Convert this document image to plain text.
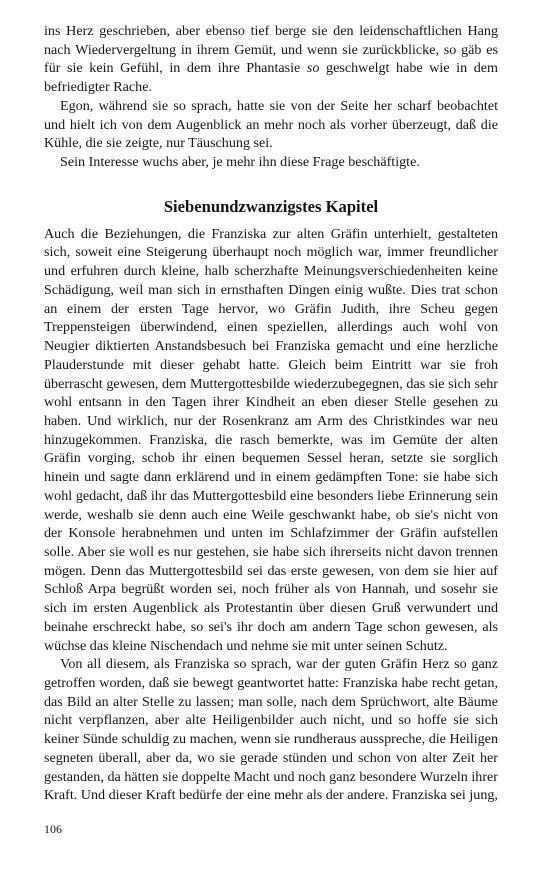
ins Herz geschrieben, aber ebenso tief berge sie den leidenschaftlichen Hang nach Wiedervergeltung in ihrem Gemüt, und wenn sie zurückblicke, so gäb es für sie kein Gefühl, in dem ihre Phantasie so geschwelgt habe wie in dem befriedigter Rache.

Egon, während sie so sprach, hatte sie von der Seite her scharf beobachtet und hielt ich von dem Augenblick an mehr noch als vorher überzeugt, daß die Kühle, die sie zeigte, nur Täuschung sei.

Sein Interesse wuchs aber, je mehr ihn diese Frage beschäftigte.

Siebenundzwanzigstes Kapitel

Auch die Beziehungen, die Franziska zur alten Gräfin unterhielt, gestalteten sich, soweit eine Steigerung überhaupt noch möglich war, immer freundlicher und erfuhren durch kleine, halb scherzhafte Meinungsverschiedenheiten keine Schädigung, weil man sich in ernsthaften Dingen einig wußte. Dies trat schon an einem der ersten Tage hervor, wo Gräfin Judith, ihre Scheu gegen Treppensteigen überwindend, einen speziellen, allerdings auch wohl von Neugier diktierten Anstandsbesuch bei Franziska gemacht und eine herzliche Plauderstunde mit dieser gehabt hatte. Gleich beim Eintritt war sie froh überrascht gewesen, dem Muttergottesbilde wiederzubegegnen, das sie sich sehr wohl entsann in den Tagen ihrer Kindheit an eben dieser Stelle gesehen zu haben. Und wirklich, nur der Rosenkranz am Arm des Christkindes war neu hinzugekommen. Franziska, die rasch bemerkte, was im Gemüte der alten Gräfin vorging, schob ihr einen bequemen Sessel heran, setzte sie sorglich hinein und sagte dann erklärend und in einem gedämpften Tone: sie habe sich wohl gedacht, daß ihr das Muttergottesbild eine besonders liebe Erinnerung sein werde, weshalb sie denn auch eine Weile geschwankt habe, ob sie's nicht von der Konsole herabnehmen und unten im Schlafzimmer der Gräfin aufstellen solle. Aber sie woll es nur gestehen, sie habe sich ihrerseits nicht davon trennen mögen. Denn das Muttergottesbild sei das erste gewesen, von dem sie hier auf Schloß Arpa begrüßt worden sei, noch früher als von Hannah, und sosehr sie sich im ersten Augenblick als Protestantin über diesen Gruß verwundert und beinahe erschreckt habe, so sei's ihr doch am andern Tage schon gewesen, als wüchse das kleine Nischendach und nehme sie mit unter seinen Schutz.

Von all diesem, als Franziska so sprach, war der guten Gräfin Herz so ganz getroffen worden, daß sie bewegt geantwortet hatte: Franziska habe recht getan, das Bild an alter Stelle zu lassen; man solle, nach dem Sprüchwort, alte Bäume nicht verpflanzen, aber alte Heiligenbilder auch nicht, und so hoffe sie sich keiner Sünde schuldig zu machen, wenn sie rundheraus ausspreche, die Heiligen segneten überall, aber da, wo sie gerade stünden und schon von alter Zeit her gestanden, da hätten sie doppelte Macht und noch ganz besondere Wurzeln ihrer Kraft. Und dieser Kraft bedürfe der eine mehr als der andere. Franziska sei jung,

106
